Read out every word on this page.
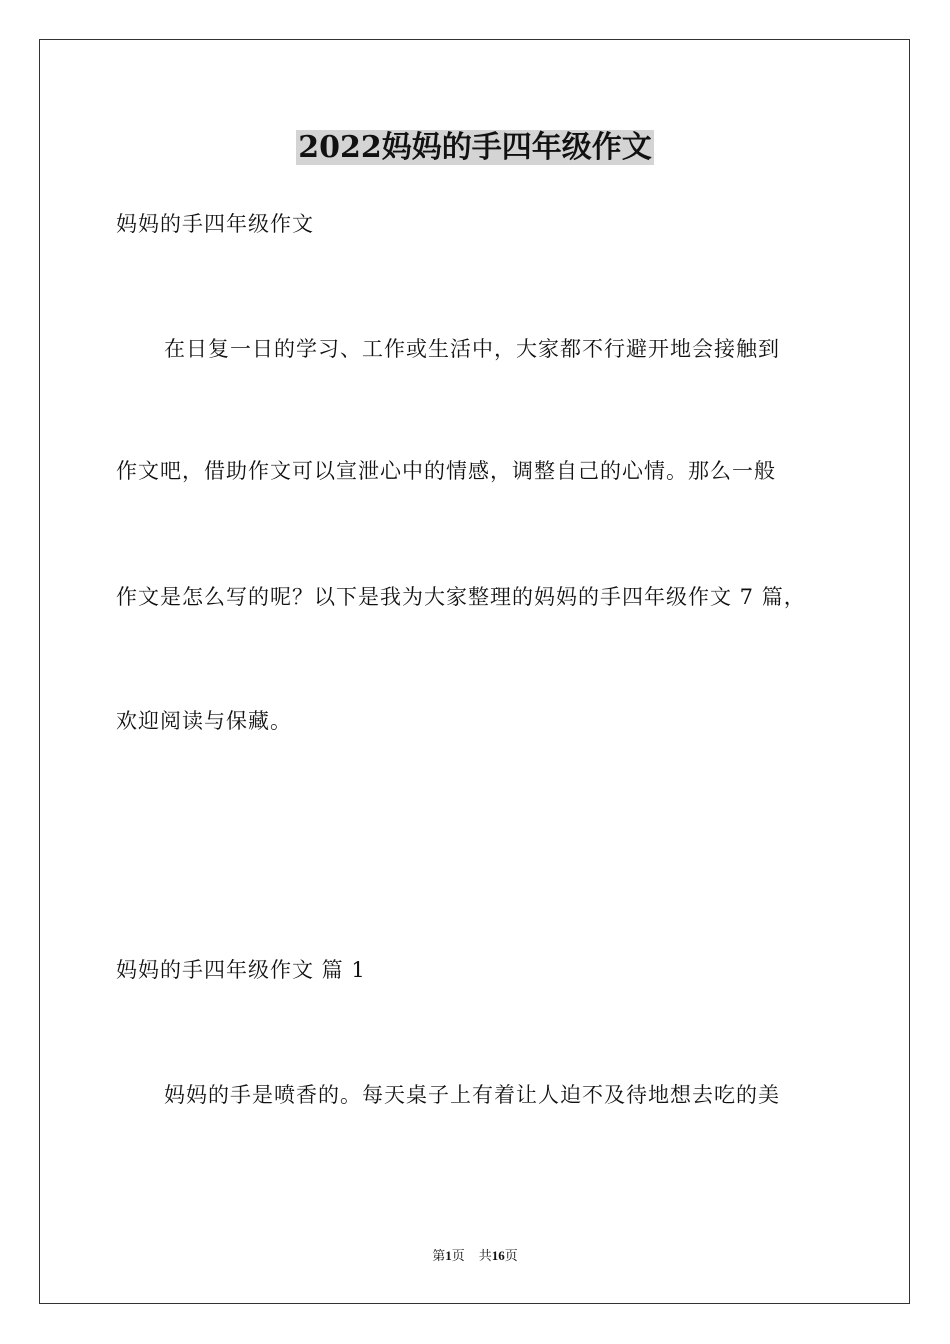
2022妈妈的手四年级作文
妈妈的手四年级作文
在日复一日的学习、工作或生活中，大家都不行避开地会接触到
作文吧，借助作文可以宣泄心中的情感，调整自己的心情。那么一般
作文是怎么写的呢？以下是我为大家整理的妈妈的手四年级作文 7 篇，
欢迎阅读与保藏。
妈妈的手四年级作文 篇 1
妈妈的手是喷香的。每天桌子上有着让人迫不及待地想去吃的美
第1页 共16页
